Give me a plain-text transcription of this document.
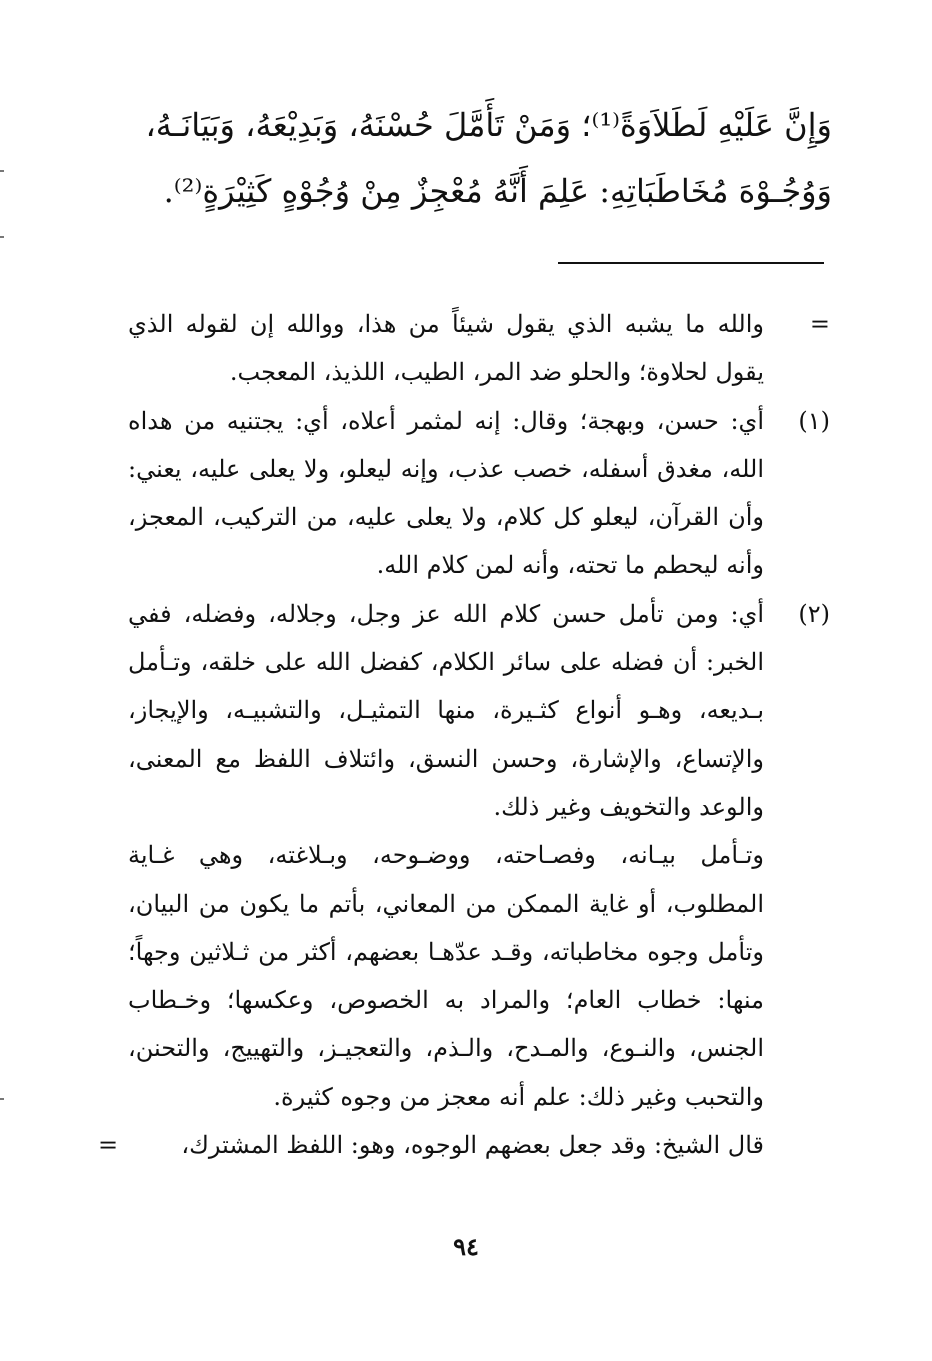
وَإِنَّ عَلَيْهِ لَطَلاَوَةً⁽¹⁾؛ وَمَنْ تَأَمَّلَ حُسْنَهُ، وَبَدِيْعَهُ، وَبَيَانَـهُ،

وَوُجُـوْهَ مُخَاطَبَاتِهِ: عَلِمَ أَنَّهُ مُعْجِزٌ مِنْ وُجُوْهٍ كَثِيْرَةٍ⁽²⁾.

=
والله ما يشبه الذي يقول شيئاً من هذا، ووالله إن لقوله الذي يقول لحلاوة؛ والحلو ضد المر، الطيب، اللذيذ، المعجب.
(١)
أي: حسن، وبهجة؛ وقال: إنه لمثمر أعلاه، أي: يجتنيه من هداه الله، مغدق أسفله، خصب عذب، وإنه ليعلو، ولا يعلى عليه، يعني: وأن القرآن، ليعلو كل كلام، ولا يعلى عليه، من التركيب، المعجز، وأنه ليحطم ما تحته، وأنه لمن كلام الله.
(٢)
أي: ومن تأمل حسن كلام الله عز وجل، وجلاله، وفضله، ففي الخبر: أن فضله على سائر الكلام، كفضل الله على خلقه، وتـأمل بـديعه، وهـو أنواع كثـيرة، منها التمثيـل، والتشبيـه، والإيجاز، والإتساع، والإشارة، وحسن النسق، وائتلاف اللفظ مع المعنى، والوعد والتخويف وغير ذلك.
وتـأمل بيـانه، وفصـاحته، ووضـوحه، وبـلاغته، وهي غـاية المطلوب، أو غاية الممكن من المعاني، بأتم ما يكون من البيان، وتأمل وجوه مخاطباته، وقـد عدّهـا بعضهم، أكثر من ثـلاثين وجهاً؛ منها: خطاب العام؛ والمراد به الخصوص، وعكسها؛ وخـطاب الجنس، والنـوع، والمـدح، والـذم، والتعجيـز، والتهييج، والتحنن، والتحبب وغير ذلك: علم أنه معجز من وجوه كثيرة.
قال الشيخ: وقد جعل بعضهم الوجوه، وهو: اللفظ المشترك،
=
٩٤
